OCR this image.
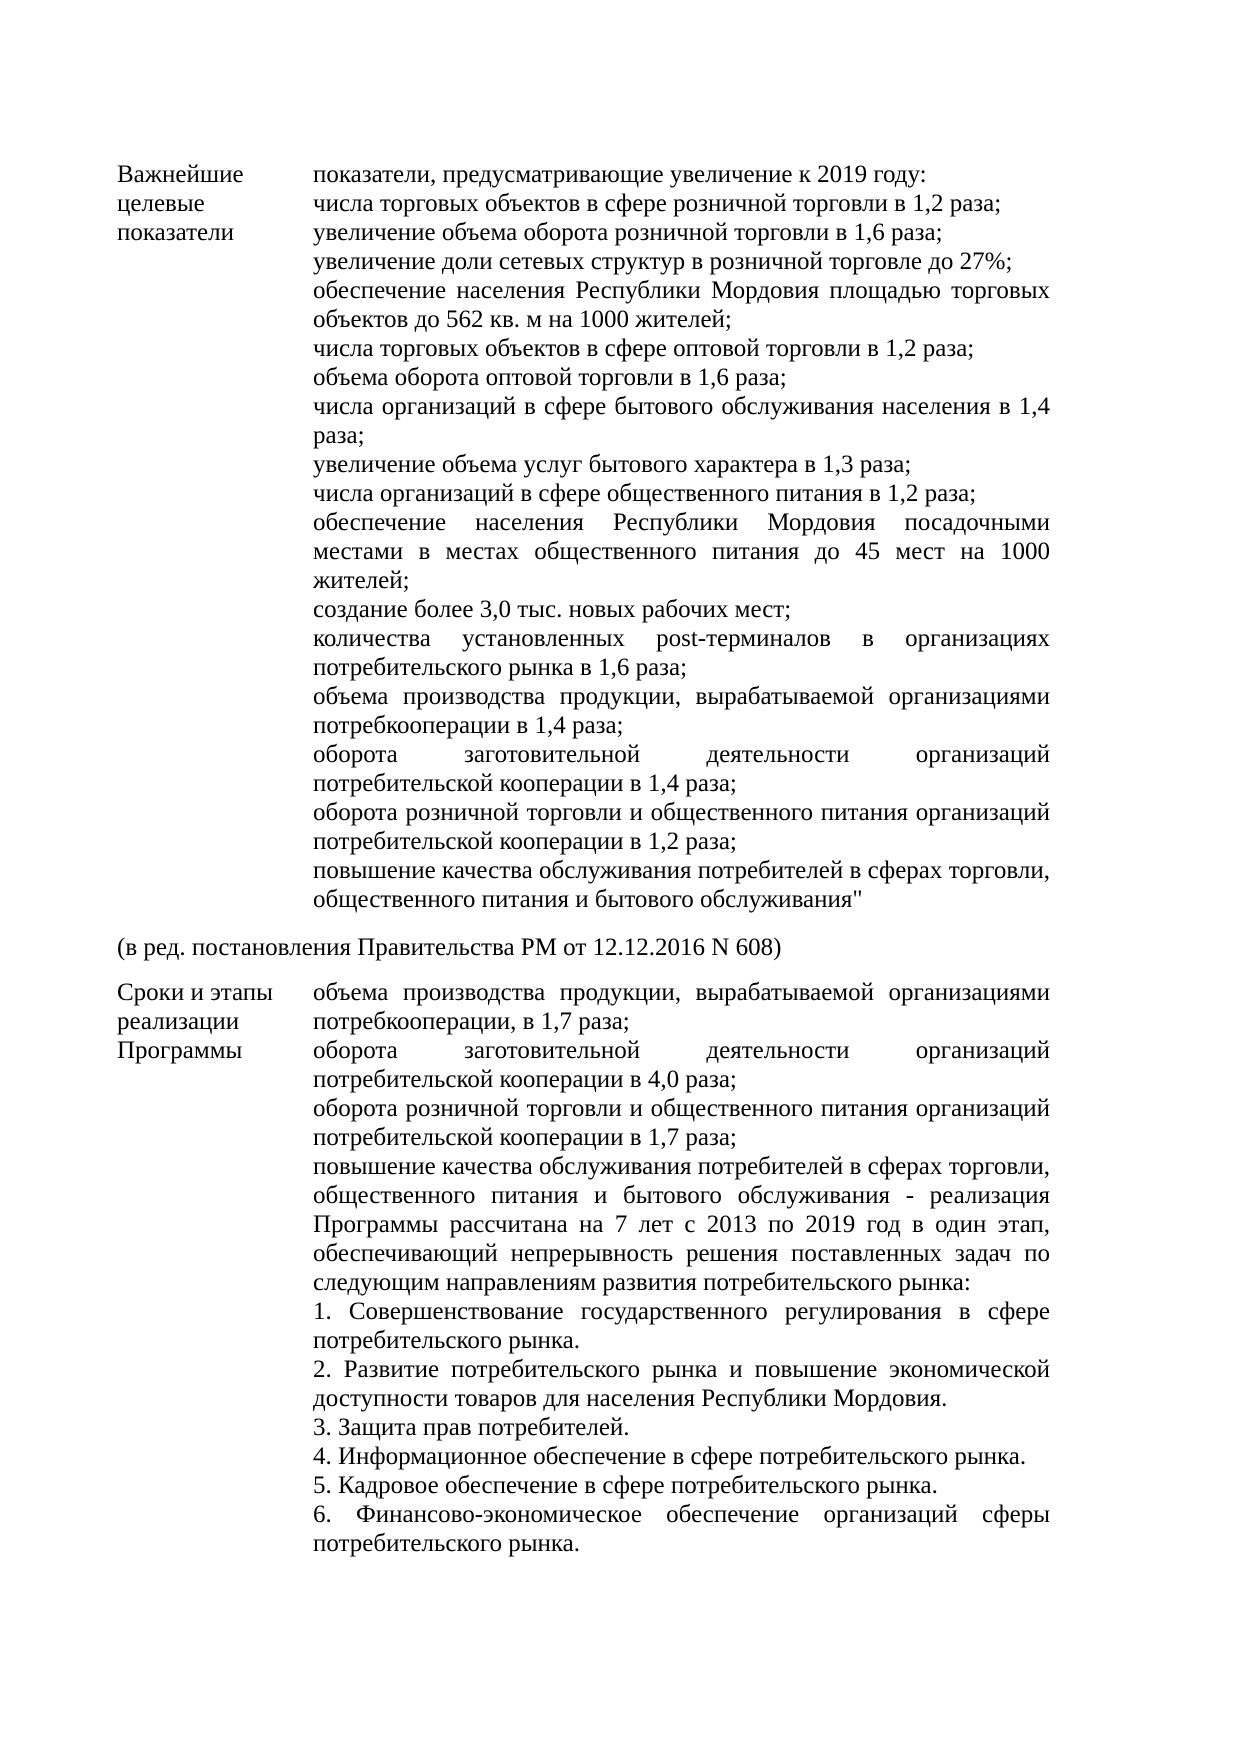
Важнейшие целевые показатели

показатели, предусматривающие увеличение к 2019 году:

числа торговых объектов в сфере розничной торговли в 1,2 раза;

увеличение объема оборота розничной торговли в 1,6 раза;

увеличение доли сетевых структур в розничной торговле до 27%;

обеспечение населения Республики Мордовия площадью торговых объектов до 562 кв. м на 1000 жителей;

числа торговых объектов в сфере оптовой торговли в 1,2 раза;

объема оборота оптовой торговли в 1,6 раза;

числа организаций в сфере бытового обслуживания населения в 1,4 раза;

увеличение объема услуг бытового характера в 1,3 раза;

числа организаций в сфере общественного питания в 1,2 раза;

обеспечение населения Республики Мордовия посадочными местами в местах общественного питания до 45 мест на 1000 жителей;

создание более 3,0 тыс. новых рабочих мест;

количества установленных post-терминалов в организациях потребительского рынка в 1,6 раза;

объема производства продукции, вырабатываемой организациями потребкооперации в 1,4 раза;

оборота заготовительной деятельности организаций потребительской кооперации в 1,4 раза;

оборота розничной торговли и общественного питания организаций потребительской кооперации в 1,2 раза;

повышение качества обслуживания потребителей в сферах торговли, общественного питания и бытового обслуживания"

(в ред. постановления Правительства РМ от 12.12.2016 N 608)

Сроки и этапы реализации Программы

объема производства продукции, вырабатываемой организациями потребкооперации, в 1,7 раза;

оборота заготовительной деятельности организаций потребительской кооперации в 4,0 раза;

оборота розничной торговли и общественного питания организаций потребительской кооперации в 1,7 раза;

повышение качества обслуживания потребителей в сферах торговли, общественного питания и бытового обслуживания - реализация Программы рассчитана на 7 лет с 2013 по 2019 год в один этап, обеспечивающий непрерывность решения поставленных задач по следующим направлениям развития потребительского рынка:

1. Совершенствование государственного регулирования в сфере потребительского рынка.

2. Развитие потребительского рынка и повышение экономической доступности товаров для населения Республики Мордовия.

3. Защита прав потребителей.

4. Информационное обеспечение в сфере потребительского рынка.

5. Кадровое обеспечение в сфере потребительского рынка.

6. Финансово-экономическое обеспечение организаций сферы потребительского рынка.
